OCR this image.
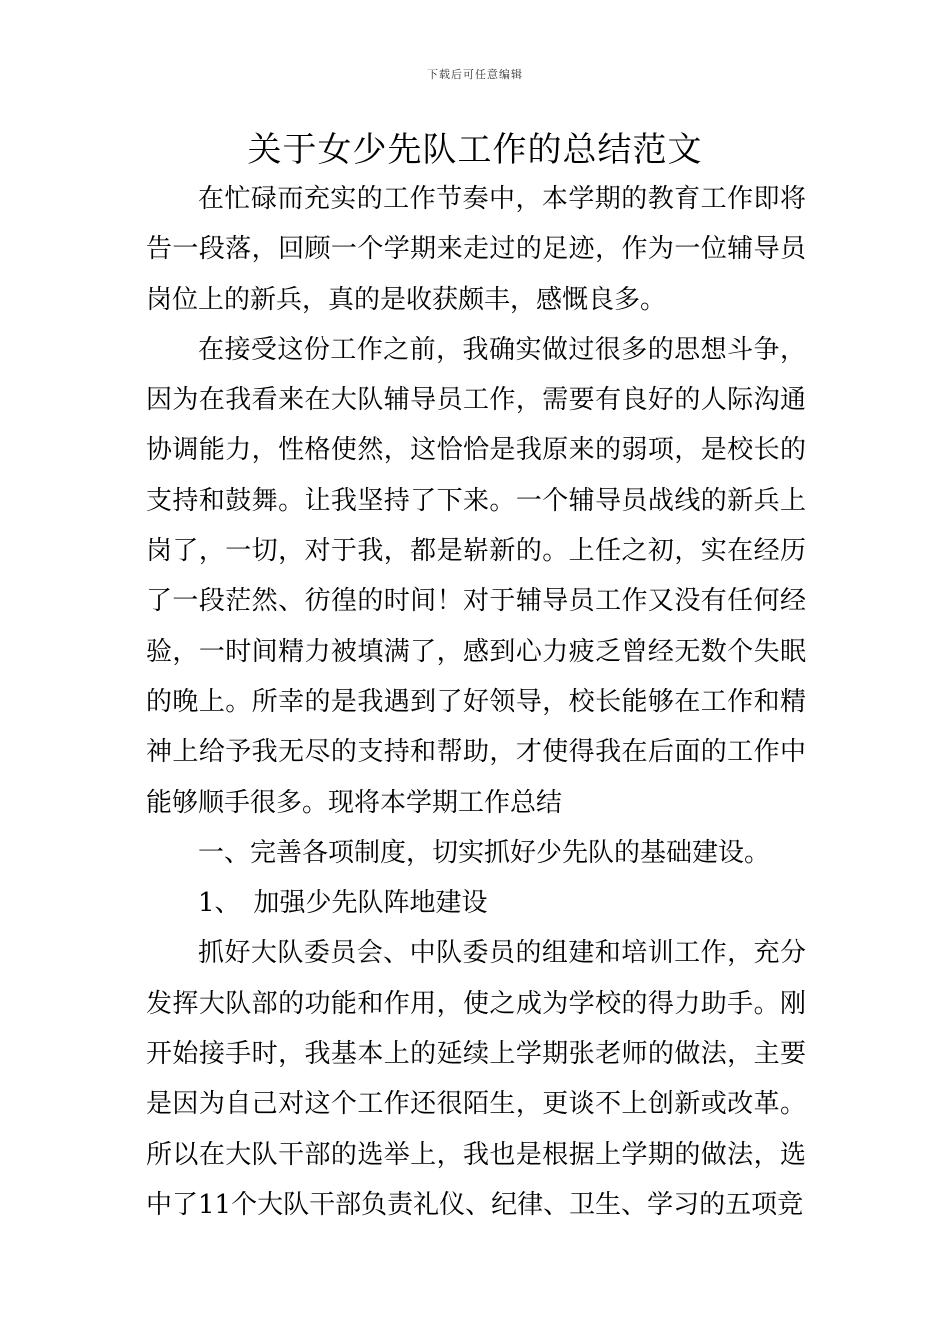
下载后可任意编辑
关于女少先队工作的总结范文

在忙碌而充实的工作节奏中，本学期的教育工作即将告一段落，回顾一个学期来走过的足迹，作为一位辅导员岗位上的新兵，真的是收获颇丰，感慨良多。

在接受这份工作之前，我确实做过很多的思想斗争，因为在我看来在大队辅导员工作，需要有良好的人际沟通协调能力，性格使然，这恰恰是我原来的弱项，是校长的支持和鼓舞。让我坚持了下来。一个辅导员战线的新兵上岗了，一切，对于我，都是崭新的。上任之初，实在经历了一段茫然、彷徨的时间！对于辅导员工作又没有任何经验，一时间精力被填满了，感到心力疲乏曾经无数个失眠的晚上。所幸的是我遇到了好领导，校长能够在工作和精神上给予我无尽的支持和帮助，才使得我在后面的工作中能够顺手很多。现将本学期工作总结

一、完善各项制度，切实抓好少先队的基础建设。

1、　加强少先队阵地建设

抓好大队委员会、中队委员的组建和培训工作，充分发挥大队部的功能和作用，使之成为学校的得力助手。刚开始接手时，我基本上的延续上学期张老师的做法，主要是因为自己对这个工作还很陌生，更谈不上创新或改革。所以在大队干部的选举上，我也是根据上学期的做法，选中了11个大队干部负责礼仪、纪律、卫生、学习的五项竞
